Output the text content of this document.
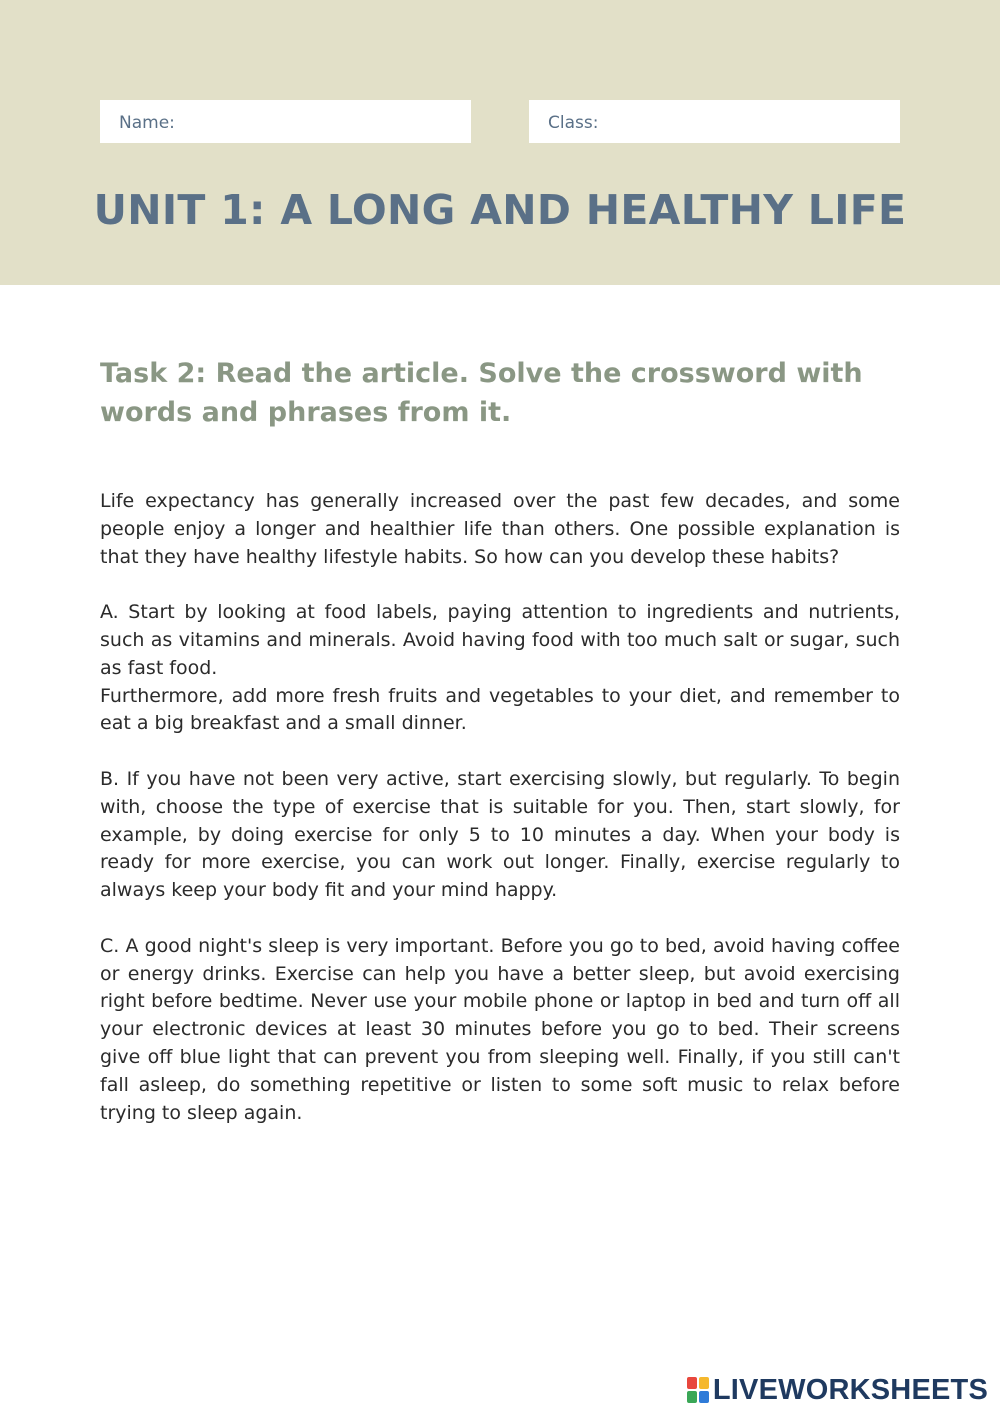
Name:	Class:
UNIT 1: A LONG AND HEALTHY LIFE
Task 2: Read the article. Solve the crossword with words and phrases from it.

Life expectancy has generally increased over the past few decades, and some people enjoy a longer and healthier life than others. One possible explanation is that they have healthy lifestyle habits. So how can you develop these habits?

A. Start by looking at food labels, paying attention to ingredients and nutrients, such as vitamins and minerals. Avoid having food with too much salt or sugar, such as fast food.

Furthermore, add more fresh fruits and vegetables to your diet, and remember to eat a big breakfast and a small dinner.

B. If you have not been very active, start exercising slowly, but regularly. To begin with, choose the type of exercise that is suitable for you. Then, start slowly, for example, by doing exercise for only 5 to 10 minutes a day. When your body is ready for more exercise, you can work out longer. Finally, exercise regularly to always keep your body fit and your mind happy.

C. A good night's sleep is very important. Before you go to bed, avoid having coffee or energy drinks. Exercise can help you have a better sleep, but avoid exercising right before bedtime. Never use your mobile phone or laptop in bed and turn off all your electronic devices at least 30 minutes before you go to bed. Their screens give off blue light that can prevent you from sleeping well. Finally, if you still can't fall asleep, do something repetitive or listen to some soft music to relax before trying to sleep again.

LIVEWORKSHEETS
